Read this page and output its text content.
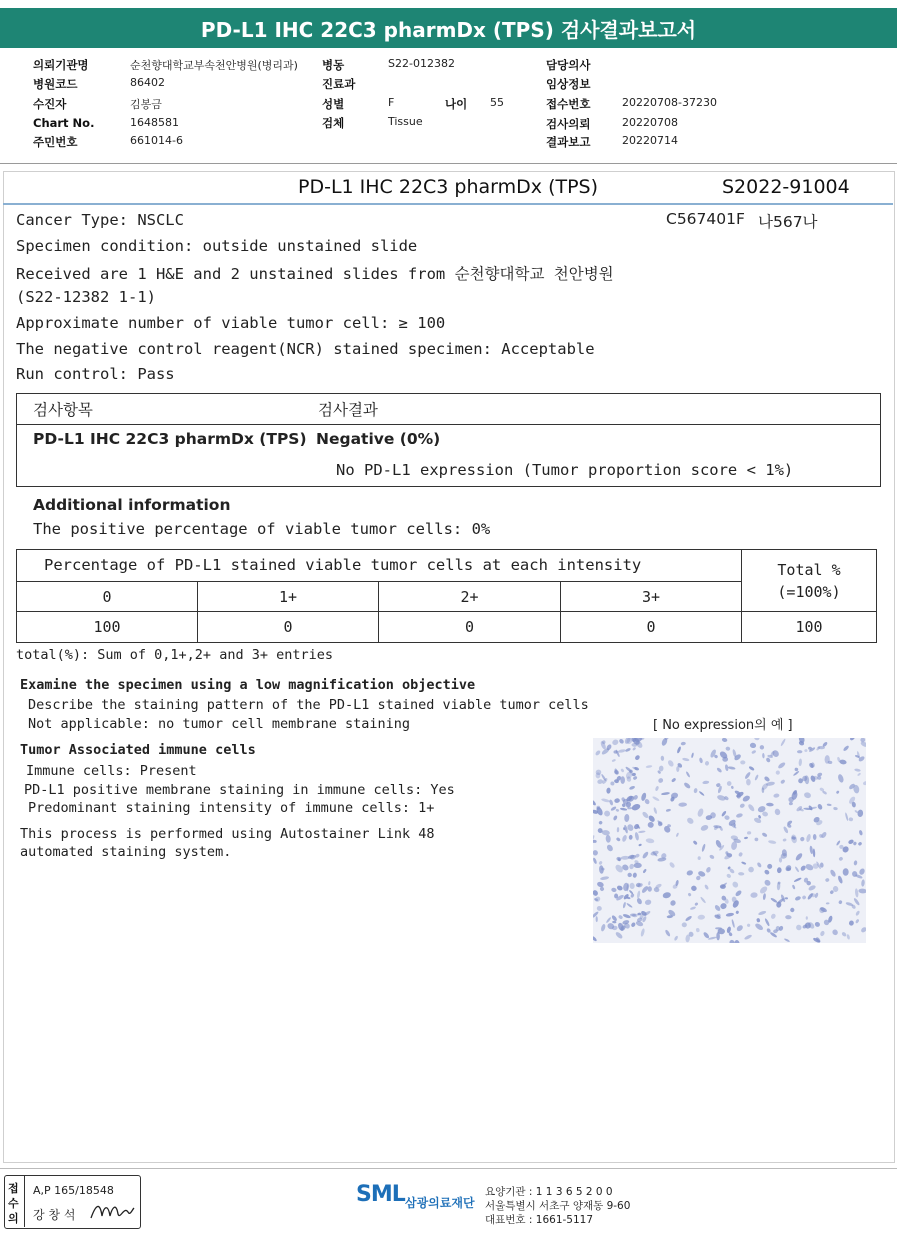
PD-L1 IHC 22C3 pharmDx (TPS) 검사결과보고서
의뢰기관명	순천향대학교부속천안병원(병리과)
병원코드	86402
수진자	김봉금
Chart No.	1648581
주민번호	661014-6
병동	S22-012382
진료과
성별	F	나이 55
검체	Tissue
담당의사
임상정보
접수번호	20220708-37230
검사의뢰	20220708
결과보고	20220714
PD-L1 IHC 22C3 pharmDx (TPS)	S2022-91004
C567401F 나567나
Cancer Type: NSCLC
Specimen condition: outside unstained slide
Received are 1 H&E and 2 unstained slides from 순천향대학교 천안병원
(S22-12382 1-1)
Approximate number of viable tumor cell: ≥ 100
The negative control reagent(NCR) stained specimen: Acceptable
Run control: Pass
검사항목	검사결과
PD-L1 IHC 22C3 pharmDx (TPS) Negative (0%)
No PD-L1 expression (Tumor proportion score < 1%)
Additional information
The positive percentage of viable tumor cells: 0%
Percentage of PD-L1 stained viable tumor cells at each intensity	Total %
(=100%)
0	1+	2+	3+
100	0	0	0	100
total(%): Sum of 0,1+,2+ and 3+ entries
Examine the specimen using a low magnification objective
Describe the staining pattern of the PD-L1 stained viable tumor cells
Not applicable: no tumor cell membrane staining	[ No expression의 예 ]
Tumor Associated immune cells
Immune cells: Present
PD-L1 positive membrane staining in immune cells: Yes
Predominant staining intensity of immune cells: 1+
This process is performed using Autostainer Link 48
automated staining system.
접
수
의
A,P 165/18548
강 창 석
SML 삼광의료재단
요양기관 : 1 1 3 6 5 2 0 0
서울특별시 서초구 양재동 9-60
대표번호 : 1661-5117
